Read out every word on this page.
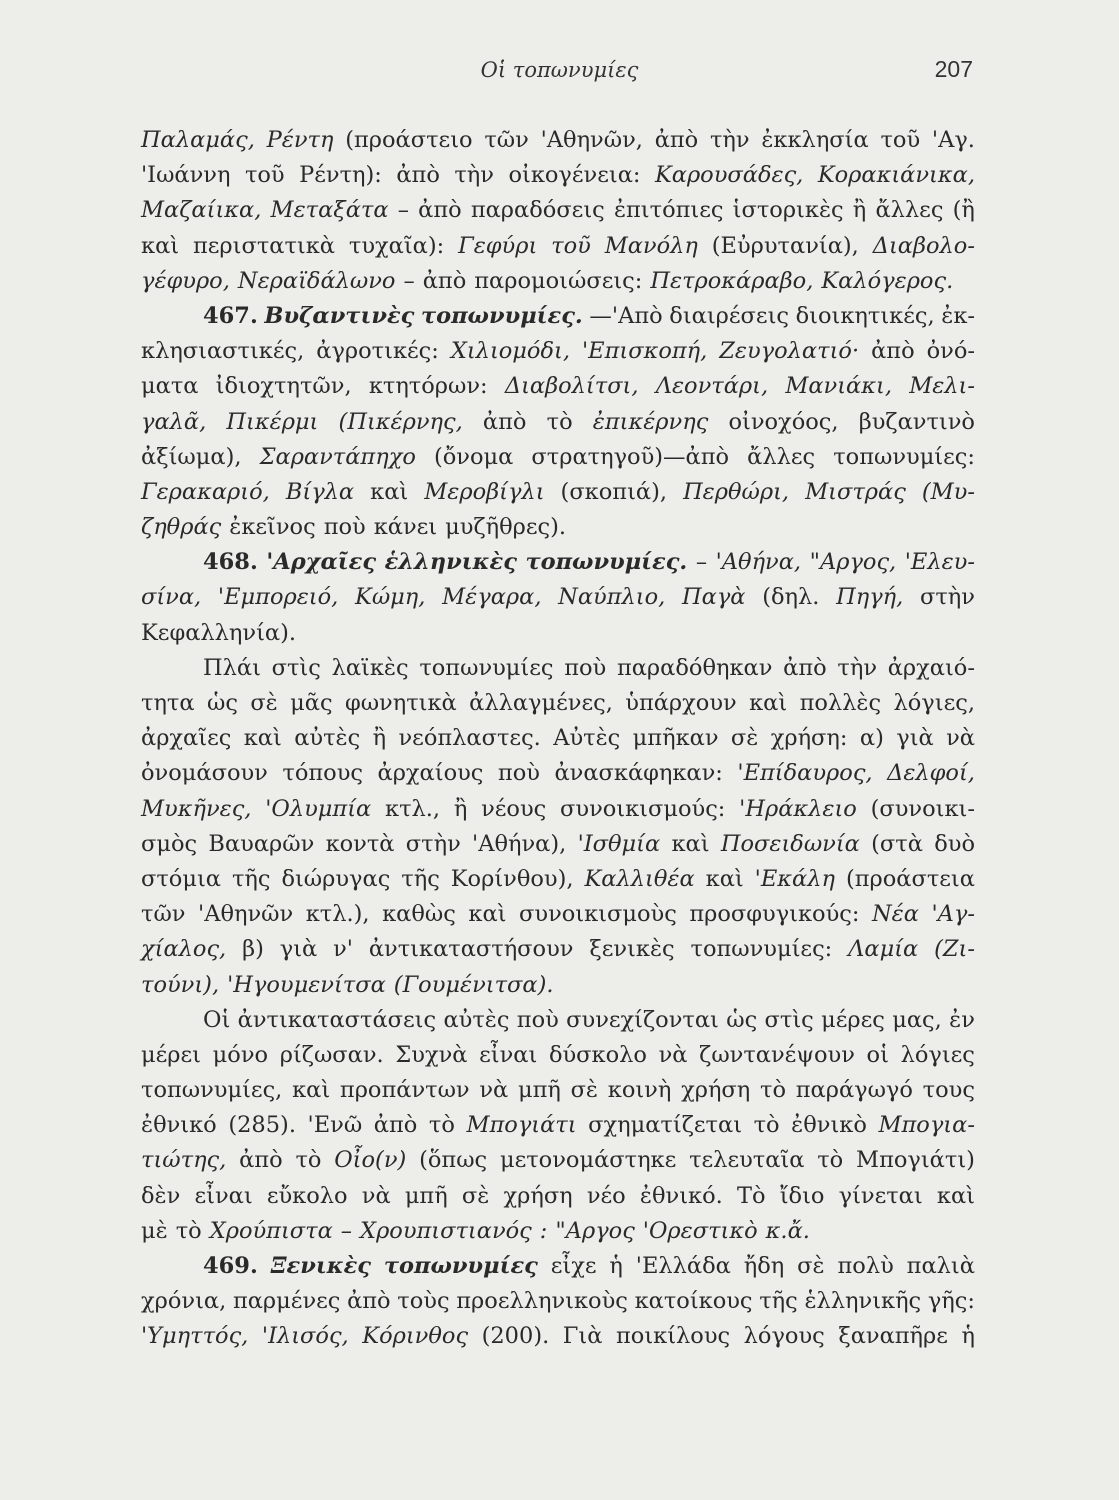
Οἱ τοπωνυμίες	207
Παλαμάς, Ρέντη (προάστειο τῶν 'Αθηνῶν, ἀπὸ τὴν ἐκκλησία τοῦ 'Αγ.
'Ιωάννη τοῦ Ρέντη): ἀπὸ τὴν οἰκογένεια: Καρουσάδες, Κορακιάνικα,
Μαζαίικα, Μεταξάτα – ἀπὸ παραδόσεις ἐπιτόπιες ἱστορικὲς ἢ ἄλλες (ἢ
καὶ περιστατικὰ τυχαῖα): Γεφύρι τοῦ Μανόλη (Εὐρυτανία), Διαβολο-
γέφυρο, Νεραϊδάλωνο – ἀπὸ παρομοιώσεις: Πετροκάραβο, Καλόγερος.
467. Βυζαντινὲς τοπωνυμίες. —'Απὸ διαιρέσεις διοικητικές, ἐκ-
κλησιαστικές, ἀγροτικές: Χιλιομόδι, 'Επισκοπή, Ζευγολατιό· ἀπὸ ὀνό-
ματα ἰδιοχτητῶν, κτητόρων: Διαβολίτσι, Λεοντάρι, Μανιάκι, Μελι-
γαλᾶ, Πικέρμι (Πικέρνης, ἀπὸ τὸ ἐπικέρνης οἰνοχόος, βυζαντινὸ
ἀξίωμα), Σαραντάπηχο (ὄνομα στρατηγοῦ)—ἀπὸ ἄλλες τοπωνυμίες:
Γερακαριό, Βίγλα καὶ Μεροβίγλι (σκοπιά), Περθώρι, Μιστράς (Μυ-
ζηθράς ἐκεῖνος ποὺ κάνει μυζῆθρες).
468. 'Αρχαῖες ἑλληνικὲς τοπωνυμίες. – 'Αθήνα, "Αργος, 'Ελευ-
σίνα, 'Εμπορειό, Κώμη, Μέγαρα, Ναύπλιο, Παγὰ (δηλ. Πηγή, στὴν
Κεφαλληνία).
Πλάι στὶς λαϊκὲς τοπωνυμίες ποὺ παραδόθηκαν ἀπὸ τὴν ἀρχαιό-
τητα ὡς σὲ μᾶς φωνητικὰ ἀλλαγμένες, ὑπάρχουν καὶ πολλὲς λόγιες,
ἀρχαῖες καὶ αὐτὲς ἢ νεόπλαστες. Αὐτὲς μπῆκαν σὲ χρήση: α) γιὰ νὰ
ὀνομάσουν τόπους ἀρχαίους ποὺ ἀνασκάφηκαν: 'Επίδαυρος, Δελφοί,
Μυκῆνες, 'Ολυμπία κτλ., ἢ νέους συνοικισμούς: 'Ηράκλειο (συνοικι-
σμὸς Βαυαρῶν κοντὰ στὴν 'Αθήνα), 'Ισθμία καὶ Ποσειδωνία (στὰ δυὸ
στόμια τῆς διώρυγας τῆς Κορίνθου), Καλλιθέα καὶ 'Εκάλη (προάστεια
τῶν 'Αθηνῶν κτλ.), καθὼς καὶ συνοικισμοὺς προσφυγικούς: Νέα 'Αγ-
χίαλος, β) γιὰ ν' ἀντικαταστήσουν ξενικὲς τοπωνυμίες: Λαμία (Ζι-
τούνι), 'Ηγουμενίτσα (Γουμένιτσα).
Οἱ ἀντικαταστάσεις αὐτὲς ποὺ συνεχίζονται ὡς στὶς μέρες μας, ἐν
μέρει μόνο ρίζωσαν. Συχνὰ εἶναι δύσκολο νὰ ζωντανέψουν οἱ λόγιες
τοπωνυμίες, καὶ προπάντων νὰ μπῆ σὲ κοινὴ χρήση τὸ παράγωγό τους
ἐθνικό (285). 'Ενῶ ἀπὸ τὸ Μπογιάτι σχηματίζεται τὸ ἐθνικὸ Μπογια-
τιώτης, ἀπὸ τὸ Οἶο(ν) (ὅπως μετονομάστηκε τελευταῖα τὸ Μπογιάτι)
δὲν εἶναι εὔκολο νὰ μπῆ σὲ χρήση νέο ἐθνικό. Τὸ ἴδιο γίνεται καὶ
μὲ τὸ Χρούπιστα – Χρουπιστιανός : "Αργος 'Ορεστικὸ κ.ἄ.
469. Ξενικὲς τοπωνυμίες εἶχε ἡ 'Ελλάδα ἤδη σὲ πολὺ παλιὰ
χρόνια, παρμένες ἀπὸ τοὺς προελληνικοὺς κατοίκους τῆς ἑλληνικῆς γῆς:
'Υμηττός, 'Ιλισός, Κόρινθος (200). Γιὰ ποικίλους λόγους ξαναπῆρε ἡ
